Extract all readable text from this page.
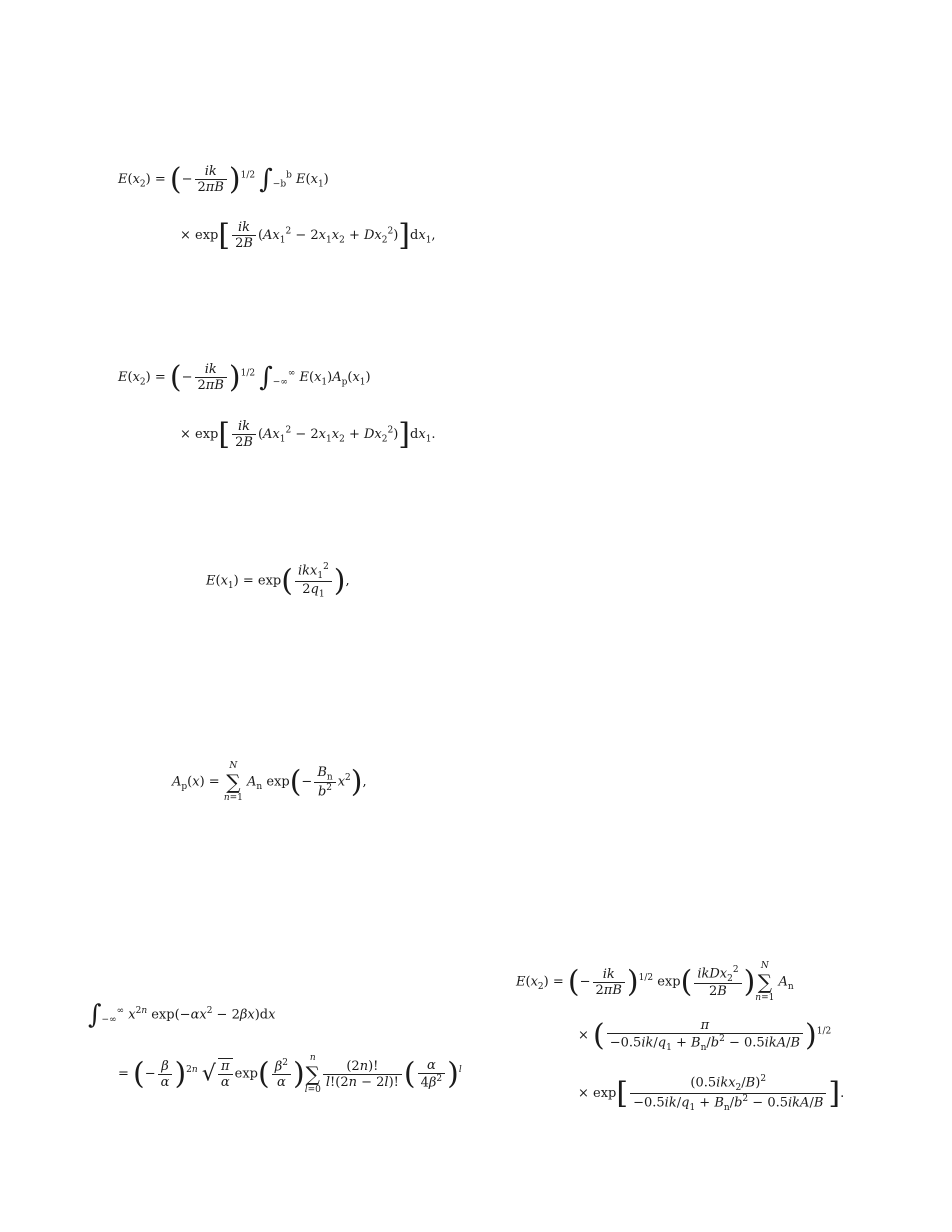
$E(x_2)$ = (− $\frac{ik}{2\pi B} )^{1/2}$ $\int_{-b}^b$ $E(x_1)$
× $\exp[ \frac{ik}{2B} (Ax_1^2 - 2x_1x_2 + Dx_2^2)]dx_1$,

$E(x_2)$ = (− $\frac{ik}{2\pi B} )^{1/2}$ $\int_{-\infty}^\infty$ $E(x_1)A_p(x_1)$
× $\exp[ \frac{ik}{2B} (Ax_1^2 - 2x_1x_2 + Dx_2^2)]dx_1$.

$E(x_1) = \exp( \frac{ikx_1^2}{2q_1}$ ),

$A_p(x)$ =
N
∑
n=1
$A_n$ $\exp(- \frac{B_n}{b^2} x^2)$,

$\int_{-\infty}^\infty$ $x^{2n}$ $\exp(-\alpha x^2 - 2\beta x)dx$
= (− $\frac{\beta}{\alpha} )^{2n}$ √ $\frac{\pi}{\alpha} \exp( \frac{\beta^2}{\alpha}$ ) n
∑
l=0
$\frac{(2n)!}{l!(2n - 2l)!}$ ( $\frac{\alpha}{4\beta^2} )^l$

$E(x_2)$ = (− $\frac{ik}{2\pi B} )^{1/2}$ $\exp( \frac{ikDx_2^2}{2B}$ ) N
∑
n=1
$A_n$
× ( $\frac{\pi}{-0.5ik/q_1 + B_n/b^2 - 0.5ikA/B} )^{1/2}$
× $\exp[ \frac{(0.5ikx_2/B)^2}{-0.5ik/q_1 + B_n/b^2 - 0.5ikA/B}$ ].
